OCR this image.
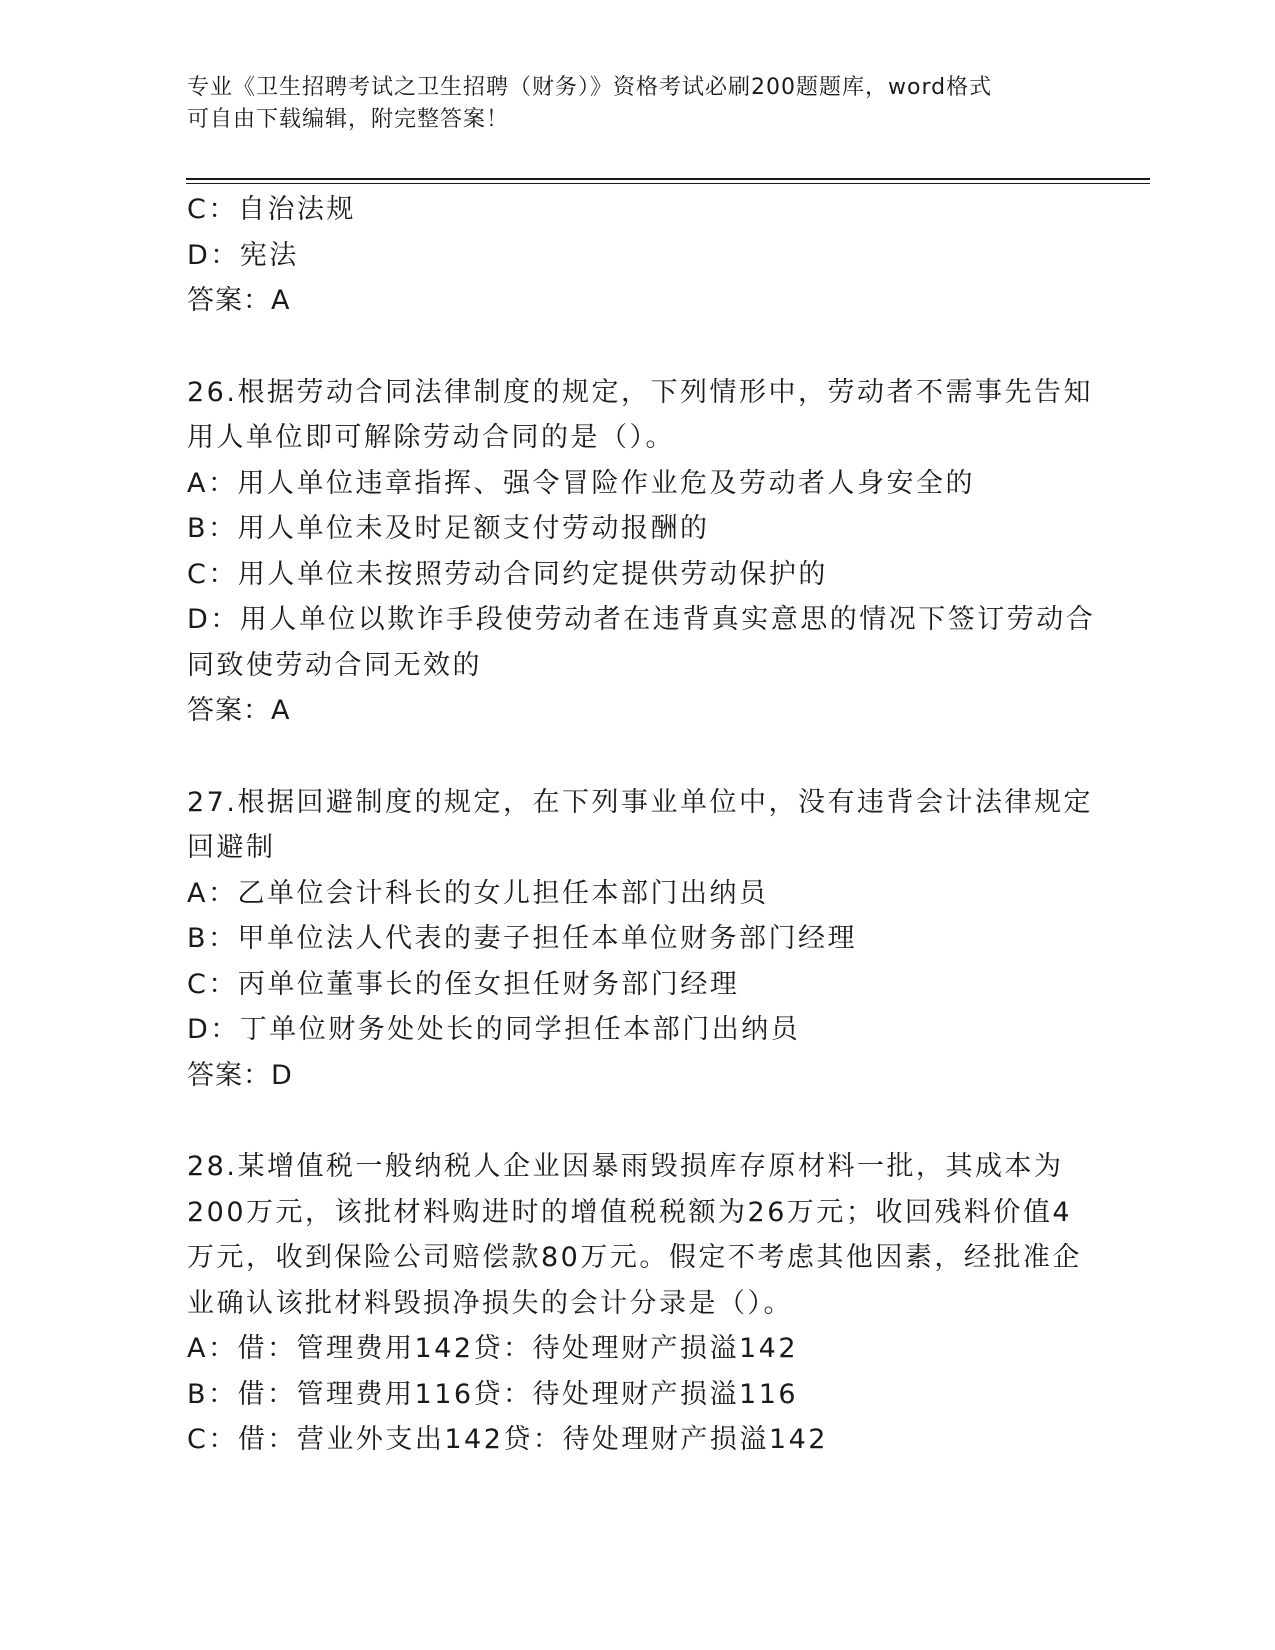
专业《卫生招聘考试之卫生招聘（财务）》资格考试必刷200题题库，word格式
可自由下载编辑，附完整答案！
C：自治法规
D：宪法
答案：A
26.根据劳动合同法律制度的规定，下列情形中，劳动者不需事先告知
用人单位即可解除劳动合同的是（）。
A：用人单位违章指挥、强令冒险作业危及劳动者人身安全的
B：用人单位未及时足额支付劳动报酬的
C：用人单位未按照劳动合同约定提供劳动保护的
D：用人单位以欺诈手段使劳动者在违背真实意思的情况下签订劳动合
同致使劳动合同无效的
答案：A
27.根据回避制度的规定，在下列事业单位中，没有违背会计法律规定
回避制
A：乙单位会计科长的女儿担任本部门出纳员
B：甲单位法人代表的妻子担任本单位财务部门经理
C：丙单位董事长的侄女担任财务部门经理
D：丁单位财务处处长的同学担任本部门出纳员
答案：D
28.某增值税一般纳税人企业因暴雨毁损库存原材料一批，其成本为
200万元，该批材料购进时的增值税税额为26万元；收回残料价值4
万元，收到保险公司赔偿款80万元。假定不考虑其他因素，经批准企
业确认该批材料毁损净损失的会计分录是（）。
A：借：管理费用142贷：待处理财产损溢142
B：借：管理费用116贷：待处理财产损溢116
C：借：营业外支出142贷：待处理财产损溢142
